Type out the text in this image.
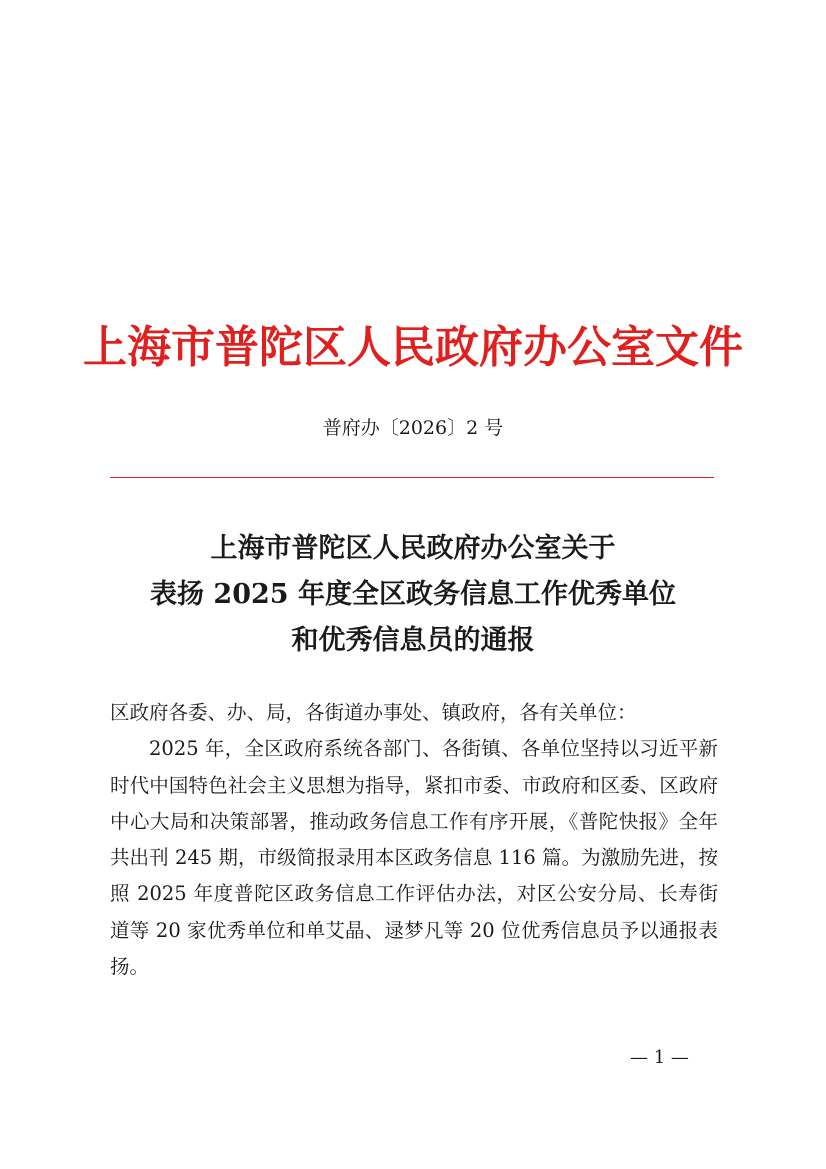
上海市普陀区人民政府办公室文件
普府办〔2026〕2 号
上海市普陀区人民政府办公室关于
表扬 2025 年度全区政务信息工作优秀单位
和优秀信息员的通报

区政府各委、办、局，各街道办事处、镇政府，各有关单位：

2025 年，全区政府系统各部门、各街镇、各单位坚持以习近平新时代中国特色社会主义思想为指导，紧扣市委、市政府和区委、区政府中心大局和决策部署，推动政务信息工作有序开展，《普陀快报》全年共出刊 245 期，市级简报录用本区政务信息 116 篇。为激励先进，按照 2025 年度普陀区政务信息工作评估办法，对区公安分局、长寿街道等 20 家优秀单位和单艾晶、逯梦凡等 20 位优秀信息员予以通报表扬。

— 1 —
